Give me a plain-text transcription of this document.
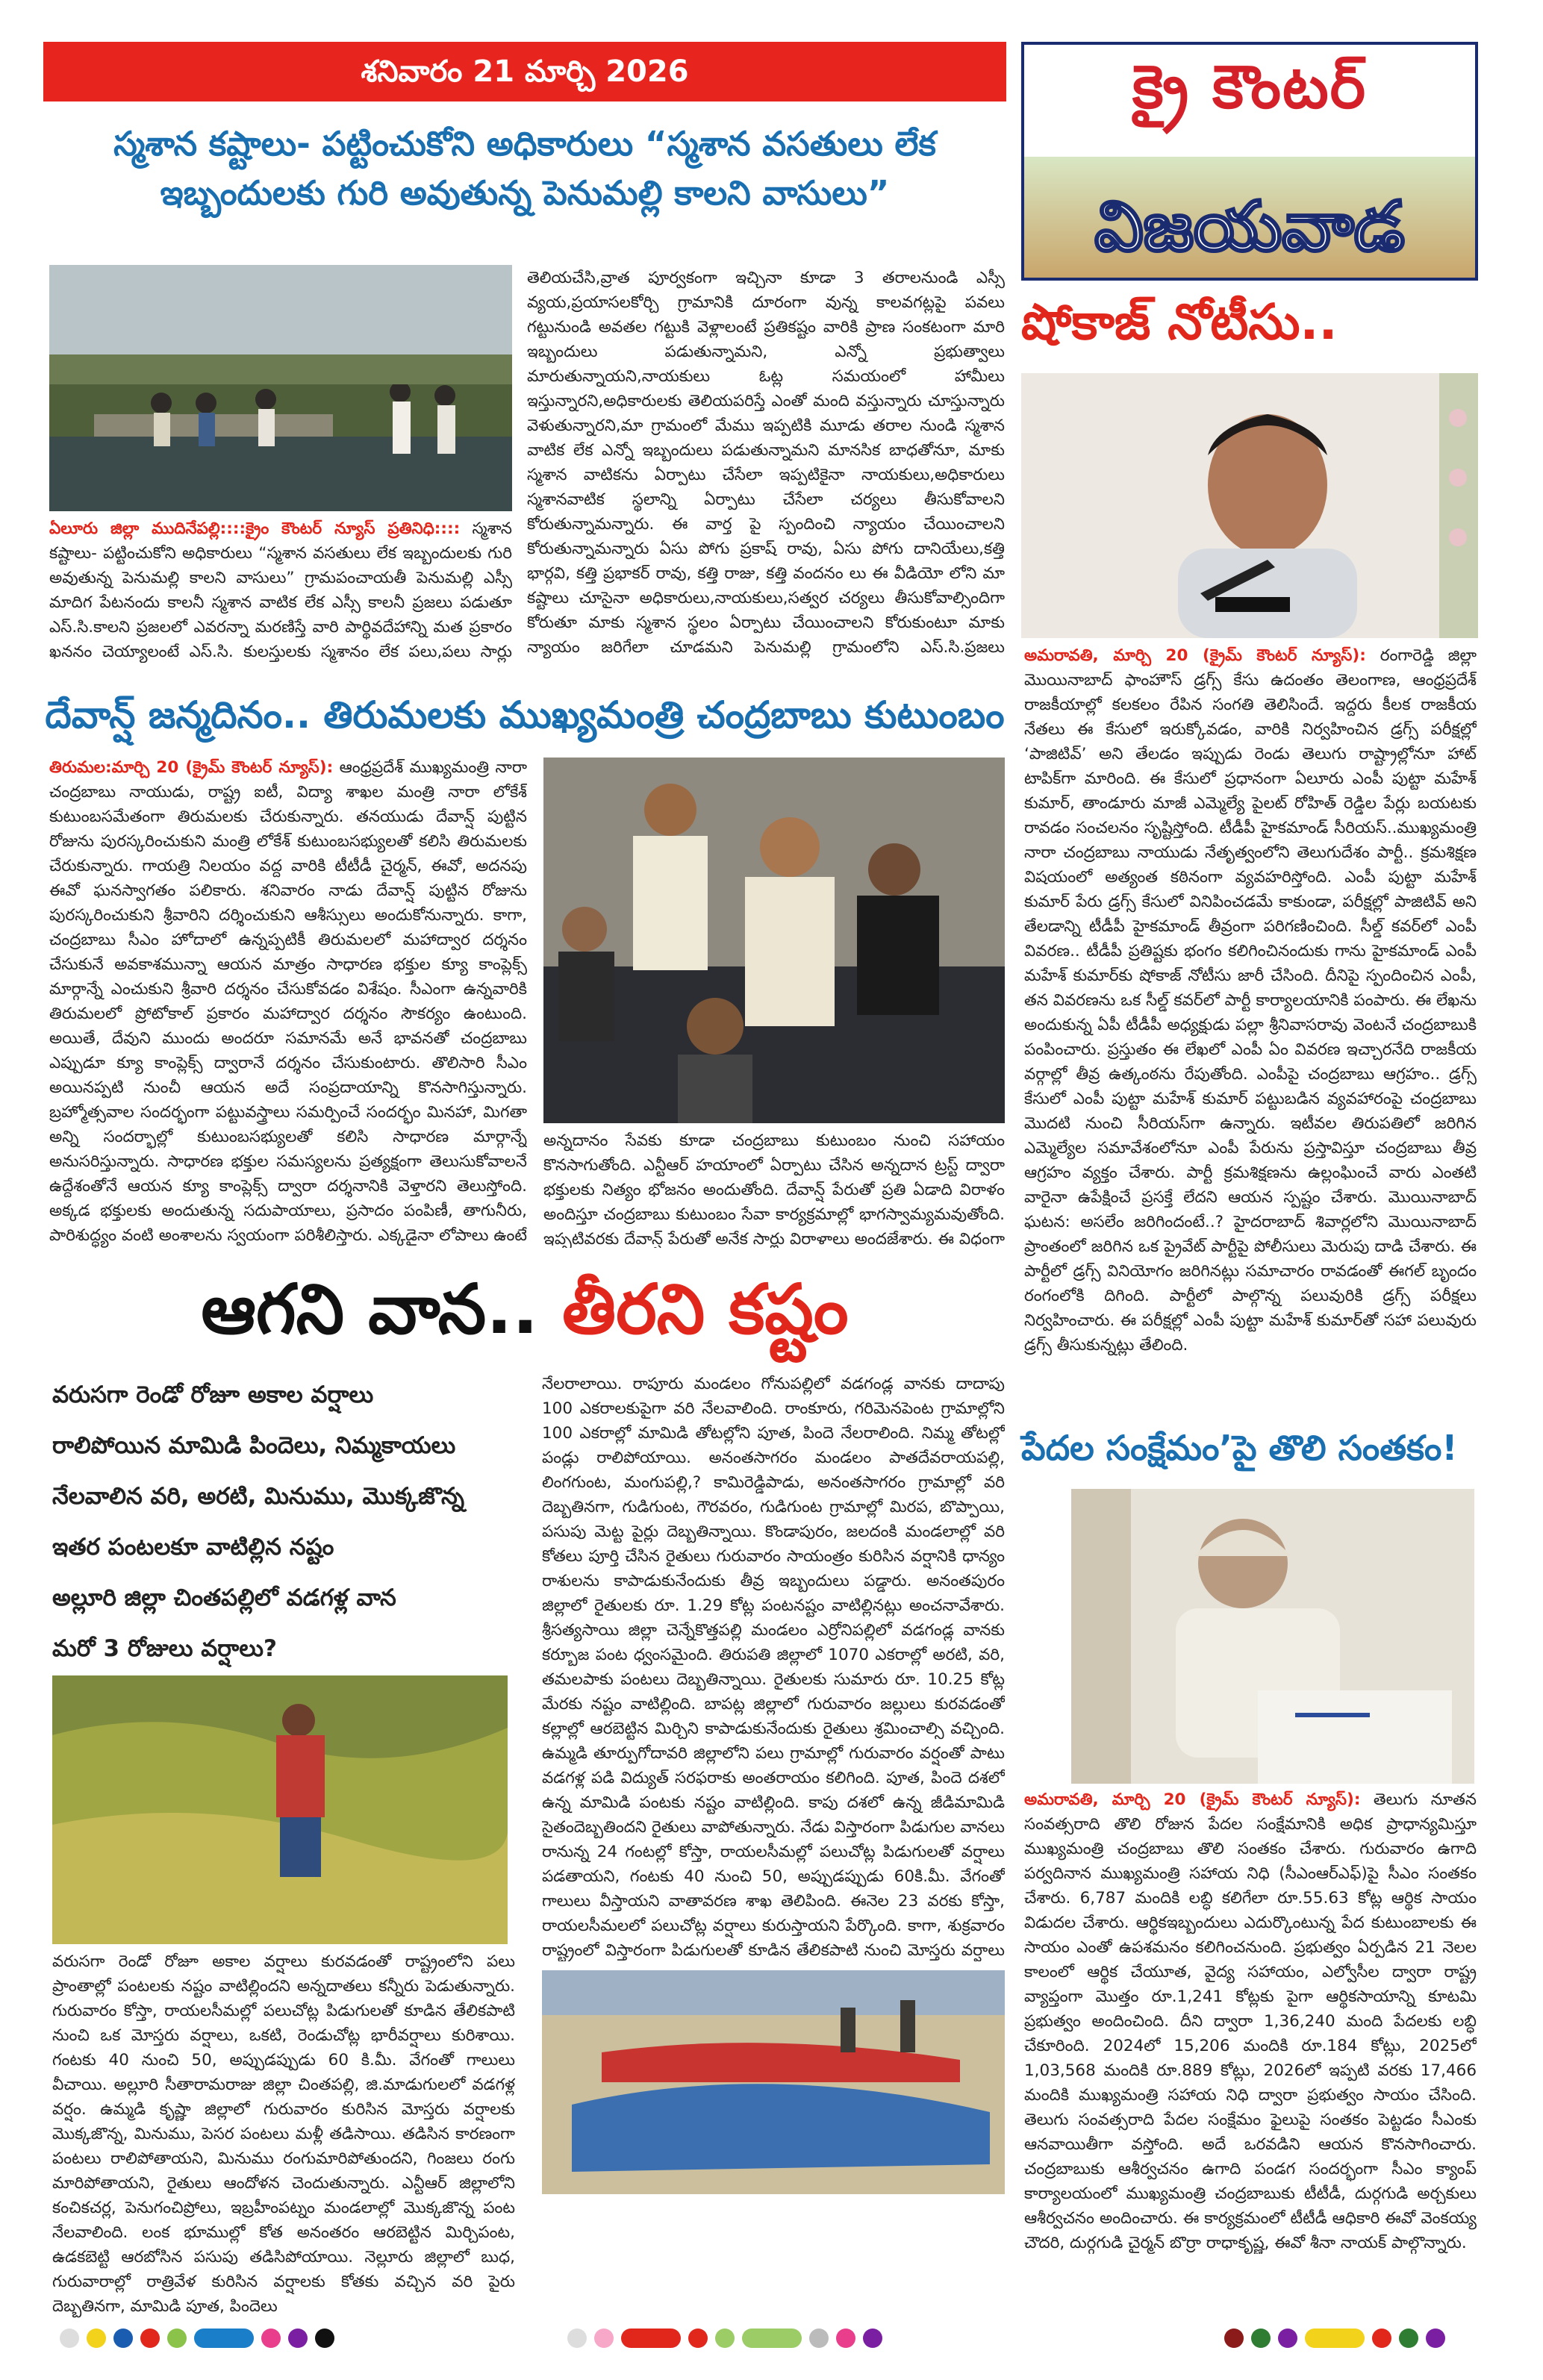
శనివారం 21 మార్చి 2026	క్రై కౌంటర్
విజయవాడ
స్మశాన కష్టాలు- పట్టించుకోని అధికారులు “స్మశాన వసతులు లేక
ఇబ్బందులకు గురి అవుతున్న పెనుమల్లి కాలని వాసులు”
ఏలూరు జిల్లా ముదినేపల్లి::::క్రైం కౌంటర్ న్యూస్ ప్రతినిధి:::: స్మశాన కష్టాలు- పట్టించుకోని అధికారులు “స్మశాన వసతులు లేక ఇబ్బందులకు గురి అవుతున్న పెనుమల్లి కాలని వాసులు” గ్రామపంచాయతీ పెనుమల్లి ఎస్సీ మాదిగ పేటనందు కాలనీ స్మశాన వాటిక లేక ఎస్సీ కాలనీ ప్రజలు పడుతూ ఎస్.సి.కాలని ప్రజలలో ఎవరన్నా మరణిస్తే వారి పార్థివదేహాన్ని మత ప్రకారం ఖననం చెయ్యాలంటే ఎస్.సి. కులస్తులకు స్మశానం లేక పలు,పలు సార్లు
తెలియచేసి,వ్రాత పూర్వకంగా ఇచ్చినా కూడా 3 తరాలనుండి ఎస్సీ వ్యయ,ప్రయాసలకోర్చి గ్రామానికి దూరంగా వున్న కాలవగట్లపై పవలు గట్టునుండి అవతల గట్టుకి వెళ్లాలంటే ప్రతికష్టం వారికి ప్రాణ సంకటంగా మారి ఇబ్బందులు పడుతున్నామని, ఎన్నో ప్రభుత్వాలు మారుతున్నాయని,నాయకులు ఓట్ల సమయంలో హామీలు ఇస్తున్నారని,అధికారులకు తెలియపరిస్తే ఎంతో మంది వస్తున్నారు చూస్తున్నారు వెళుతున్నారని,మా గ్రామంలో మేము ఇప్పటికి మూడు తరాల నుండి స్మశాన వాటిక లేక ఎన్నో ఇబ్బందులు పడుతున్నామని మానసిక బాధతోనూ, మాకు స్మశాన వాటికను ఏర్పాటు చేసేలా ఇప్పటికైనా నాయకులు,అధికారులు స్మశానవాటిక స్థలాన్ని ఏర్పాటు చేసేలా చర్యలు తీసుకోవాలని కోరుతున్నామన్నారు. ఈ వార్త పై స్పందించి న్యాయం చేయించాలని కోరుతున్నామన్నారు ఏసు పోగు ప్రకాష్ రావు, ఏసు పోగు దానియేలు,కత్తి భార్గవి, కత్తి ప్రభాకర్ రావు, కత్తి రాజు, కత్తి వందనం లు ఈ వీడియో లోని మా కష్టాలు చూసైనా అధికారులు,నాయకులు,సత్వర చర్యలు తీసుకోవాల్సిందిగా కోరుతూ మాకు స్మశాన స్థలం ఏర్పాటు చేయించాలని కోరుకుంటూ మాకు న్యాయం జరిగేలా చూడమని పెనుమల్లి గ్రామంలోని ఎస్.సి.ప్రజలు
షోకాజ్ నోటీసు..
అమరావతి, మార్చి 20 (క్రైమ్ కౌంటర్ న్యూస్): రంగారెడ్డి జిల్లా మొయినాబాద్ ఫాంహౌస్ డ్రగ్స్ కేసు ఉదంతం తెలంగాణ, ఆంధ్రప్రదేశ్ రాజకీయాల్లో కలకలం రేపిన సంగతి తెలిసిందే. ఇద్దరు కీలక రాజకీయ నేతలు ఈ కేసులో ఇరుక్కోవడం, వారికి నిర్వహించిన డ్రగ్స్ పరీక్షల్లో ‘పాజిటివ్’ అని తేలడం ఇప్పుడు రెండు తెలుగు రాష్ట్రాల్లోనూ హాట్ టాపిక్‌గా మారింది. ఈ కేసులో ప్రధానంగా ఏలూరు ఎంపీ పుట్టా మహేశ్ కుమార్, తాండూరు మాజీ ఎమ్మెల్యే పైలట్ రోహిత్ రెడ్డిల పేర్లు బయటకు రావడం సంచలనం సృష్టిస్తోంది. టీడీపీ హైకమాండ్ సీరియస్..ముఖ్యమంత్రి నారా చంద్రబాబు నాయుడు నేతృత్వంలోని తెలుగుదేశం పార్టీ.. క్రమశిక్షణ విషయంలో అత్యంత కఠినంగా వ్యవహరిస్తోంది. ఎంపీ పుట్టా మహేశ్ కుమార్ పేరు డ్రగ్స్ కేసులో వినిపించడమే కాకుండా, పరీక్షల్లో పాజిటివ్ అని తేలడాన్ని టీడీపీ హైకమాండ్ తీవ్రంగా పరిగణించింది. సీల్డ్ కవర్‌లో ఎంపీ వివరణ.. టీడీపీ ప్రతిష్టకు భంగం కలిగించినందుకు గాను హైకమాండ్ ఎంపీ మహేశ్ కుమార్‌కు షోకాజ్ నోటీసు జారీ చేసింది. దీనిపై స్పందించిన ఎంపీ, తన వివరణను ఒక సీల్డ్ కవర్‌లో పార్టీ కార్యాలయానికి పంపారు. ఈ లేఖను అందుకున్న ఏపీ టీడీపీ అధ్యక్షుడు పల్లా శ్రీనివాసరావు వెంటనే చంద్రబాబుకి పంపించారు. ప్రస్తుతం ఈ లేఖలో ఎంపీ ఏం వివరణ ఇచ్చారనేది రాజకీయ వర్గాల్లో తీవ్ర ఉత్కంఠను రేపుతోంది. ఎంపీపై చంద్రబాబు ఆగ్రహం.. డ్రగ్స్ కేసులో ఎంపీ పుట్టా మహేశ్ కుమార్ పట్టుబడిన వ్యవహారంపై చంద్రబాబు మొదటి నుంచి సీరియస్‌గా ఉన్నారు. ఇటీవల తిరుపతిలో జరిగిన ఎమ్మెల్యేల సమావేశంలోనూ ఎంపీ పేరును ప్రస్తావిస్తూ చంద్రబాబు తీవ్ర ఆగ్రహం వ్యక్తం చేశారు. పార్టీ క్రమశిక్షణను ఉల్లంఘించే వారు ఎంతటి వారైనా ఉపేక్షించే ప్రసక్తే లేదని ఆయన స్పష్టం చేశారు. మొయినాబాద్ ఘటన: అసలేం జరిగిందంటే..? హైదరాబాద్ శివార్లలోని మొయినాబాద్ ప్రాంతంలో జరిగిన ఒక ప్రైవేట్ పార్టీపై పోలీసులు మెరుపు దాడి చేశారు. ఈ పార్టీలో డ్రగ్స్ వినియోగం జరిగినట్లు సమాచారం రావడంతో ఈగల్ బృందం రంగంలోకి దిగింది. పార్టీలో పాల్గొన్న పలువురికి డ్రగ్స్ పరీక్షలు నిర్వహించారు. ఈ పరీక్షల్లో ఎంపీ పుట్టా మహేశ్ కుమార్‌తో సహా పలువురు డ్రగ్స్ తీసుకున్నట్లు తేలింది.
దేవాన్ష్ జన్మదినం.. తిరుమలకు ముఖ్యమంత్రి చంద్రబాబు కుటుంబం
తిరుమల:మార్చి 20 (క్రైమ్ కౌంటర్ న్యూస్): ఆంధ్రప్రదేశ్ ముఖ్యమంత్రి నారా చంద్రబాబు నాయుడు, రాష్ట్ర ఐటీ, విద్యా శాఖల మంత్రి నారా లోకేశ్ కుటుంబసమేతంగా తిరుమలకు చేరుకున్నారు. తనయుడు దేవాన్ష్ పుట్టిన రోజును పురస్కరించుకుని మంత్రి లోకేశ్ కుటుంబసభ్యులతో కలిసి తిరుమలకు చేరుకున్నారు. గాయత్రి నిలయం వద్ద వారికి టీటీడీ చైర్మన్, ఈవో, అదనపు ఈవో ఘనస్వాగతం పలికారు. శనివారం నాడు దేవాన్ష్ పుట్టిన రోజును పురస్కరించుకుని శ్రీవారిని దర్శించుకుని ఆశీస్సులు అందుకోనున్నారు. కాగా, చంద్రబాబు సీఎం హోదాలో ఉన్నప్పటికీ తిరుమలలో మహాద్వార దర్శనం చేసుకునే అవకాశమున్నా ఆయన మాత్రం సాధారణ భక్తుల క్యూ కాంప్లెక్స్ మార్గాన్నే ఎంచుకుని శ్రీవారి దర్శనం చేసుకోవడం విశేషం. సీఎంగా ఉన్నవారికి తిరుమలలో ప్రోటోకాల్ ప్రకారం మహాద్వార దర్శనం సౌకర్యం ఉంటుంది. అయితే, దేవుని ముందు అందరూ సమానమే అనే భావనతో చంద్రబాబు ఎప్పుడూ క్యూ కాంప్లెక్స్ ద్వారానే దర్శనం చేసుకుంటారు. తొలిసారి సీఎం అయినప్పటి నుంచీ ఆయన అదే సంప్రదాయాన్ని కొనసాగిస్తున్నారు. బ్రహ్మోత్సవాల సందర్భంగా పట్టువస్త్రాలు సమర్పించే సందర్భం మినహా, మిగతా అన్ని సందర్భాల్లో కుటుంబసభ్యులతో కలిసి సాధారణ మార్గాన్నే అనుసరిస్తున్నారు. సాధారణ భక్తుల సమస్యలను ప్రత్యక్షంగా తెలుసుకోవాలనే ఉద్దేశంతోనే ఆయన క్యూ కాంప్లెక్స్ ద్వారా దర్శనానికి వెళ్తారని తెలుస్తోంది. అక్కడ భక్తులకు అందుతున్న సదుపాయాలు, ప్రసాదం పంపిణీ, తాగునీరు, పారిశుద్ధ్యం వంటి అంశాలను స్వయంగా పరిశీలిస్తారు. ఎక్కడైనా లోపాలు ఉంటే
అన్నదానం సేవకు కూడా చంద్రబాబు కుటుంబం నుంచి సహాయం కొనసాగుతోంది. ఎన్టీఆర్ హయాంలో ఏర్పాటు చేసిన అన్నదాన ట్రస్ట్ ద్వారా భక్తులకు నిత్యం భోజనం అందుతోంది. దేవాన్ష్ పేరుతో ప్రతి ఏడాది విరాళం అందిస్తూ చంద్రబాబు కుటుంబం సేవా కార్యక్రమాల్లో భాగస్వామ్యమవుతోంది. ఇప్పటివరకు దేవాన్ష్ పేరుతో అనేక సార్లు విరాళాలు అందజేశారు. ఈ విధంగా
ఆగని వాన.. తీరని కష్టం
వరుసగా రెండో రోజూ అకాల వర్షాలు
రాలిపోయిన మామిడి పిందెలు, నిమ్మకాయలు
నేలవాలిన వరి, అరటి, మినుము, మొక్కజొన్న
ఇతర పంటలకూ వాటిల్లిన నష్టం
అల్లూరి జిల్లా చింతపల్లిలో వడగళ్ల వాన
మరో 3 రోజులు వర్షాలు?
వరుసగా రెండో రోజూ అకాల వర్షాలు కురవడంతో రాష్ట్రంలోని పలు ప్రాంతాల్లో పంటలకు నష్టం వాటిల్లిందని అన్నదాతలు కన్నీరు పెడుతున్నారు. గురువారం కోస్తా, రాయలసీమల్లో పలుచోట్ల పిడుగులతో కూడిన తేలికపాటి నుంచి ఒక మోస్తరు వర్షాలు, ఒకటి, రెండుచోట్ల భారీవర్షాలు కురిశాయి. గంటకు 40 నుంచి 50, అప్పుడప్పుడు 60 కి.మీ. వేగంతో గాలులు వీచాయి. అల్లూరి సీతారామరాజు జిల్లా చింతపల్లి, జి.మాడుగులలో వడగళ్ల వర్షం. ఉమ్మడి కృష్ణా జిల్లాలో గురువారం కురిసిన మోస్తరు వర్షాలకు మొక్కజొన్న, మినుము, పెసర పంటలు మళ్లీ తడిసాయి. తడిసిన కారణంగా పంటలు రాలిపోతాయని, మినుము రంగుమారిపోతుందని, గింజలు రంగు మారిపోతాయని, రైతులు ఆందోళన చెందుతున్నారు. ఎన్టీఆర్ జిల్లాలోని కంచికచర్ల, పెనుగంచిప్రోలు, ఇబ్రహీంపట్నం మండలాల్లో మొక్కజొన్న పంట నేలవాలింది. లంక భూముల్లో కోత అనంతరం ఆరబెట్టిన మిర్చిపంట, ఉడకబెట్టి ఆరబోసిన పసుపు తడిసిపోయాయి. నెల్లూరు జిల్లాలో బుధ, గురువారాల్లో రాత్రివేళ కురిసిన వర్షాలకు కోతకు వచ్చిన వరి పైరు దెబ్బతినగా, మామిడి పూత, పిందెలు
నేలరాలాయి. రాపూరు మండలం గోనుపల్లిలో వడగండ్ల వానకు దాదాపు 100 ఎకరాలకుపైగా వరి నేలవాలింది. రాంకూరు, గరిమెనపెంట గ్రామాల్లోని 100 ఎకరాల్లో మామిడి తోటల్లోని పూత, పిందె నేలరాలింది. నిమ్మ తోటల్లో పండ్లు రాలిపోయాయి. అనంతసాగరం మండలం పాతదేవరాయపల్లి, లింగగుంట, మంగుపల్లి,? కామిరెడ్డిపాడు, అనంతసాగరం గ్రామాల్లో వరి దెబ్బతినగా, గుడిగుంట, గౌరవరం, గుడిగుంట గ్రామాల్లో మిరప, బొప్పాయి, పసుపు మెట్ట పైర్లు దెబ్బతిన్నాయి. కొండాపురం, జలదంకి మండలాల్లో వరి కోతలు పూర్తి చేసిన రైతులు గురువారం సాయంత్రం కురిసిన వర్షానికి ధాన్యం రాశులను కాపాడుకునేందుకు తీవ్ర ఇబ్బందులు పడ్డారు. అనంతపురం జిల్లాలో రైతులకు రూ. 1.29 కోట్ల పంటనష్టం వాటిల్లినట్లు అంచనావేశారు. శ్రీసత్యసాయి జిల్లా చెన్నేకొత్తపల్లి మండలం ఎర్రోనిపల్లిలో వడగండ్ల వానకు కర్బూజ పంట ధ్వంసమైంది. తిరుపతి జిల్లాలో 1070 ఎకరాల్లో అరటి, వరి, తమలపాకు పంటలు దెబ్బతిన్నాయి. రైతులకు సుమారు రూ. 10.25 కోట్ల మేరకు నష్టం వాటిల్లింది. బాపట్ల జిల్లాలో గురువారం జల్లులు కురవడంతో కల్లాల్లో ఆరబెట్టిన మిర్చిని కాపాడుకునేందుకు రైతులు శ్రమించాల్సి వచ్చింది. ఉమ్మడి తూర్పుగోదావరి జిల్లాలోని పలు గ్రామాల్లో గురువారం వర్షంతో పాటు వడగళ్ల పడి విద్యుత్ సరఫరాకు అంతరాయం కలిగింది. పూత, పిందె దశలో ఉన్న మామిడి పంటకు నష్టం వాటిల్లింది. కాపు దశలో ఉన్న జీడిమామిడి సైతందెబ్బతిందని రైతులు వాపోతున్నారు. నేడు విస్తారంగా పిడుగుల వానలు రానున్న 24 గంటల్లో కోస్తా, రాయలసీమల్లో పలుచోట్ల పిడుగులతో వర్షాలు పడతాయని, గంటకు 40 నుంచి 50, అప్పుడప్పుడు 60కి.మీ. వేగంతో గాలులు వీస్తాయని వాతావరణ శాఖ తెలిపింది. ఈనెల 23 వరకు కోస్తా, రాయలసీమలలో పలుచోట్ల వర్షాలు కురుస్తాయని పేర్కొంది. కాగా, శుక్రవారం రాష్ట్రంలో విస్తారంగా పిడుగులతో కూడిన తేలికపాటి నుంచి మోస్తరు వర్షాలు
పేదల సంక్షేమం’పై తొలి సంతకం!
అమరావతి, మార్చి 20 (క్రైమ్ కౌంటర్ న్యూస్): తెలుగు నూతన సంవత్సరాది తొలి రోజున పేదల సంక్షేమానికి అధిక ప్రాధాన్యమిస్తూ ముఖ్యమంత్రి చంద్రబాబు తొలి సంతకం చేశారు. గురువారం ఉగాది పర్వదినాన ముఖ్యమంత్రి సహాయ నిధి (సీఎంఆర్ఎఫ్)పై సీఎం సంతకం చేశారు. 6,787 మందికి లబ్ధి కలిగేలా రూ.55.63 కోట్ల ఆర్థిక సాయం విడుదల చేశారు. ఆర్థికఇబ్బందులు ఎదుర్కొంటున్న పేద కుటుంబాలకు ఈ సాయం ఎంతో ఉపశమనం కలిగించనుంది. ప్రభుత్వం ఏర్పడిన 21 నెలల కాలంలో ఆర్థిక చేయూత, వైద్య సహాయం, ఎల్వోసీల ద్వారా రాష్ట్ర వ్యాప్తంగా మొత్తం రూ.1,241 కోట్లకు పైగా ఆర్థికసాయాన్ని కూటమి ప్రభుత్వం అందించింది. దీని ద్వారా 1,36,240 మంది పేదలకు లబ్ధి చేకూరింది. 2024లో 15,206 మందికి రూ.184 కోట్లు, 2025లో 1,03,568 మందికి రూ.889 కోట్లు, 2026లో ఇప్పటి వరకు 17,466 మందికి ముఖ్యమంత్రి సహాయ నిధి ద్వారా ప్రభుత్వం సాయం చేసింది. తెలుగు సంవత్సరాది పేదల సంక్షేమం ఫైలుపై సంతకం పెట్టడం సీఎంకు ఆనవాయితీగా వస్తోంది. అదే ఒరవడిని ఆయన కొనసాగించారు. చంద్రబాబుకు ఆశీర్వచనం ఉగాది పండగ సందర్భంగా సీఎం క్యాంప్ కార్యాలయంలో ముఖ్యమంత్రి చంద్రబాబుకు టీటీడీ, దుర్గగుడి అర్చకులు ఆశీర్వచనం అందించారు. ఈ కార్యక్రమంలో టీటీడీ ఆధికారి ఈవో వెంకయ్య చౌదరి, దుర్గగుడి చైర్మన్ బొర్రా రాధాకృష్ణ, ఈవో శీనా నాయక్ పాల్గొన్నారు.
